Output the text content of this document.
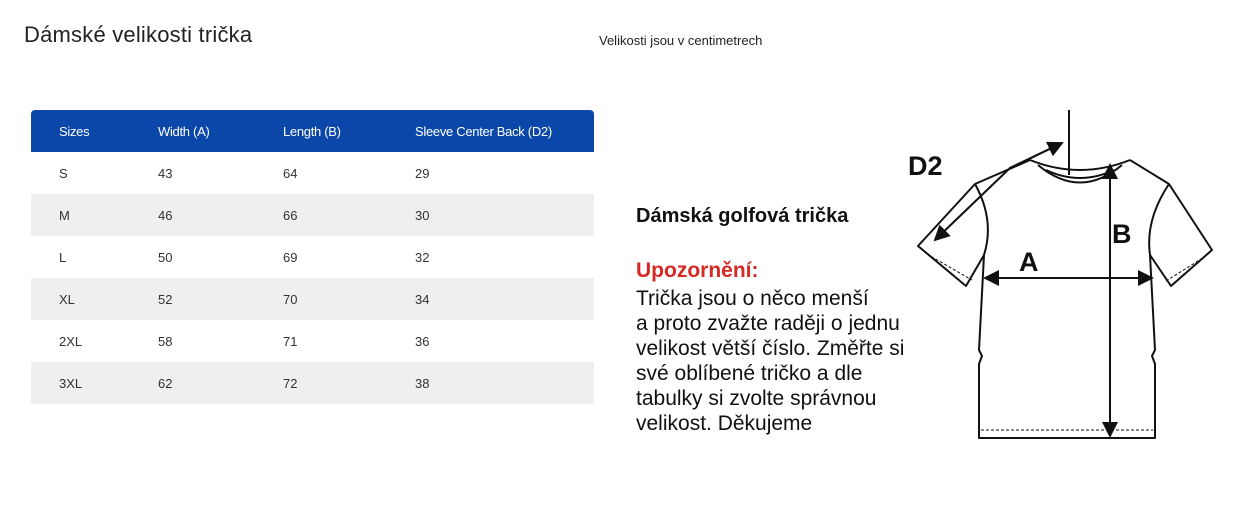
Dámské velikosti trička	Velikosti jsou v centimetrech
Sizes	Width (A)	Length (B)	Sleeve Center Back (D2)
S	43	64	29
M	46	66	30
L	50	69	32
XL	52	70	34
2XL	58	71	36
3XL	62	72	38
Dámská golfová trička
Upozornění:
Trička jsou o něco menší
a proto zvažte raději o jednu
velikost větší číslo. Změřte si
své oblíbené tričko a dle
tabulky si zvolte správnou
velikost. Děkujeme
D2
A
B
